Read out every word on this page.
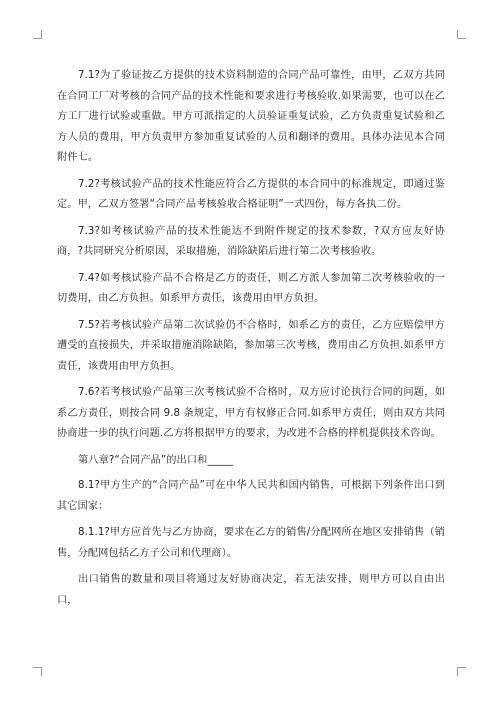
7.1?为了验证按乙方提供的技术资料制造的合同产品可靠性，由甲，乙双方共同在合同工厂对考核的合同产品的技术性能和要求进行考核验收.如果需要，也可以在乙方工厂进行试验或重做。甲方可派指定的人员验证重复试验，乙方负责重复试验和乙方人员的费用，甲方负责甲方参加重复试验的人员和翻译的费用。具体办法见本合同附件七。

7.2?考核试验产品的技术性能应符合乙方提供的本合同中的标准规定，即通过鉴定。甲，乙双方签署“合同产品考核验收合格证明”一式四份，每方各执二份。

7.3?如考核试验产品的技术性能达不到附件规定的技术参数，?双方应友好协商，?共同研究分析原因，采取措施，消除缺陷后进行第二次考核验收。

7.4?如考核试验产品不合格是乙方的责任，则乙方派人参加第二次考核验收的一切费用，由乙方负担。如系甲方责任，该费用由甲方负担。

7.5?若考核试验产品第二次试验仍不合格时，如系乙方的责任，乙方应赔偿甲方遭受的直接损失，并采取措施消除缺陷，参加第三次考核，费用由乙方负担.如系甲方责任，该费用由甲方负担。

7.6?若考核试验产品第三次考核试验不合格时，双方应讨论执行合同的问题，如系乙方责任，则按合同 9.8 条规定，甲方有权修正合同.如系甲方责任，则由双方共同协商进一步的执行问题.乙方将根据甲方的要求，为改进不合格的样机提供技术咨询。

第八章?“合同产品”的出口和_____

8.1?甲方生产的“合同产品”可在中华人民共和国内销售，可根据下列条件出口到其它国家：

8.1.1?甲方应首先与乙方协商，要求在乙方的销售/分配网所在地区安排销售（销售，分配网包括乙方子公司和代理商）。

出口销售的数量和项目将通过友好协商决定，若无法安排，则甲方可以自由出口，
